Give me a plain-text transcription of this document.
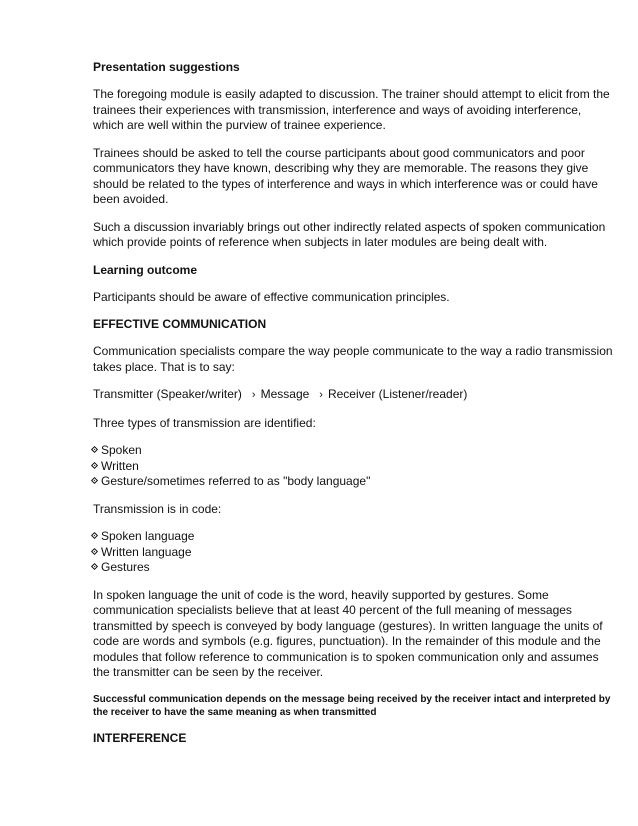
Presentation suggestions

The foregoing module is easily adapted to discussion. The trainer should attempt to elicit from the trainees their experiences with transmission, interference and ways of avoiding interference, which are well within the purview of trainee experience.

Trainees should be asked to tell the course participants about good communicators and poor communicators they have known, describing why they are memorable. The reasons they give should be related to the types of interference and ways in which interference was or could have been avoided.

Such a discussion invariably brings out other indirectly related aspects of spoken communication which provide points of reference when subjects in later modules are being dealt with.

Learning outcome

Participants should be aware of effective communication principles.

EFFECTIVE COMMUNICATION

Communication specialists compare the way people communicate to the way a radio transmission takes place. That is to say:

Transmitter (Speaker/writer) › Message › Receiver (Listener/reader)

Three types of transmission are identified:

Spoken
Written
Gesture/sometimes referred to as "body language"

Transmission is in code:

Spoken language
Written language
Gestures

In spoken language the unit of code is the word, heavily supported by gestures. Some communication specialists believe that at least 40 percent of the full meaning of messages transmitted by speech is conveyed by body language (gestures). In written language the units of code are words and symbols (e.g. figures, punctuation). In the remainder of this module and the modules that follow reference to communication is to spoken communication only and assumes the transmitter can be seen by the receiver.

Successful communication depends on the message being received by the receiver intact and interpreted by the receiver to have the same meaning as when transmitted

INTERFERENCE
